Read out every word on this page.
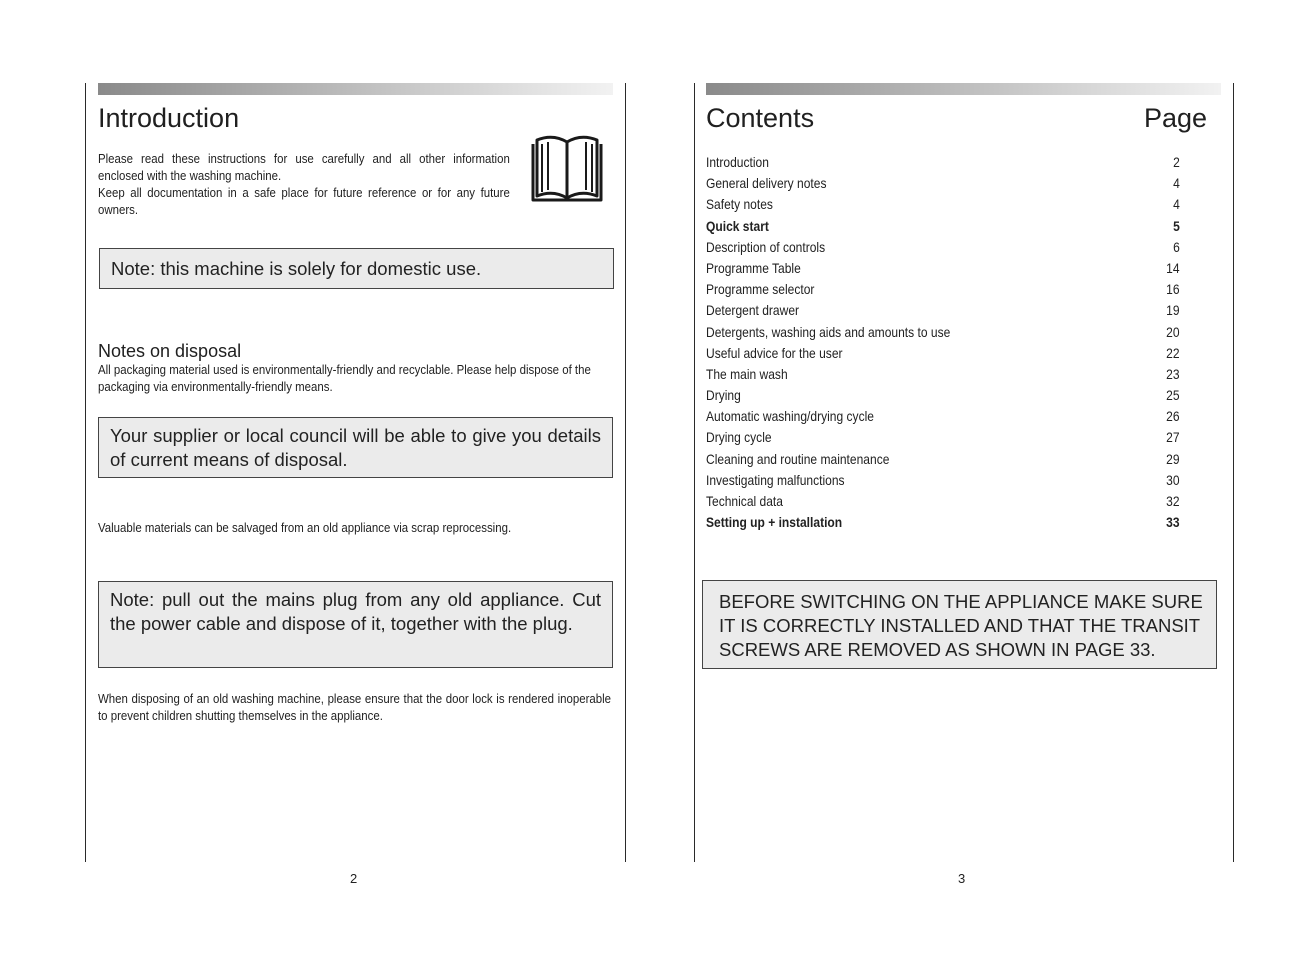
Introduction
Please read these instructions for use carefully and all other information enclosed with the washing machine.
Keep all documentation in a safe place for future reference or for any future owners.
Note: this machine is solely for domestic use.
Notes on disposal

All packaging material used is environmentally-friendly and recyclable. Please help dispose of the packaging via environmentally-friendly means.

Your supplier or local council will be able to give you details of current means of disposal.

Valuable materials can be salvaged from an old appliance via scrap reprocessing.

Note: pull out the mains plug from any old appliance. Cut the power cable and dispose of it, together with the plug.

When disposing of an old washing machine, please ensure that the door lock is rendered inoperable to prevent children shutting themselves in the appliance.

2
Contents	Page
Introduction	2
General delivery notes	4
Safety notes	4
Quick start	5
Description of controls	6
Programme Table	14
Programme selector	16
Detergent drawer	19
Detergents, washing aids and amounts to use	20
Useful advice for the user	22
The main wash	23
Drying	25
Automatic washing/drying cycle	26
Drying cycle	27
Cleaning and routine maintenance	29
Investigating malfunctions	30
Technical data	32
Setting up + installation	33
BEFORE SWITCHING ON THE APPLIANCE MAKE SURE
IT IS CORRECTLY INSTALLED AND THAT THE TRANSIT
SCREWS ARE REMOVED AS SHOWN IN PAGE 33.
3
